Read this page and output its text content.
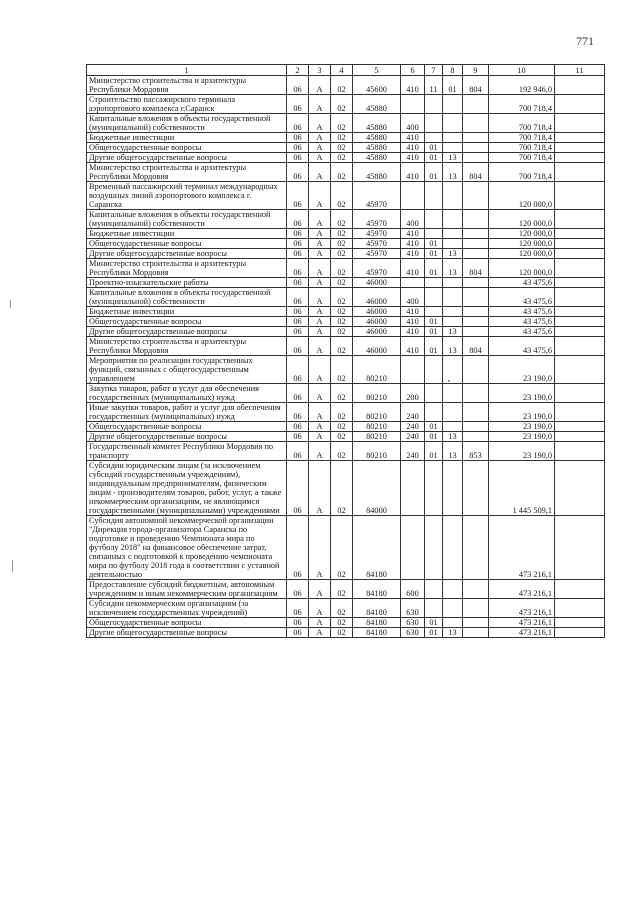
771
1	2	3	4	5	6	7	8	9	10	11
Министерство строительства и архитектуры Республики Мордовия	06	А	02	45600	410	11	01	804	192 946,0	
Строительство пассажирского терминала аэропортового комплекса г.Саранск	06	А	02	45880					700 718,4	
Капитальные вложения в объекты государственной (муниципальной) собственности	06	А	02	45880	400				700 718,4	
Бюджетные инвестиции	06	А	02	45880	410				700 718,4	
Общегосударственные вопросы	06	А	02	45880	410	01			700 718,4	
Другие общегосударственные вопросы	06	А	02	45880	410	01	13		700 718,4	
Министерство строительства и архитектуры Республики Мордовия	06	А	02	45880	410	01	13	804	700 718,4	
Временный пассажирский терминал международных воздушных линий аэропортового комплекса г. Саранска	06	А	02	45970					120 000,0	
Капитальные вложения в объекты государственной (муниципальной) собственности	06	А	02	45970	400				120 000,0	
Бюджетные инвестиции	06	А	02	45970	410				120 000,0	
Общегосударственные вопросы	06	А	02	45970	410	01			120 000,0	
Другие общегосударственные вопросы	06	А	02	45970	410	01	13		120 000,0	
Министерство строительства и архитектуры Республики Мордовия	06	А	02	45970	410	01	13	804	120 000,0	
Проектно-изыскательские работы	06	А	02	46000					43 475,6	
Капитальные вложения в объекты государственной (муниципальной) собственности	06	А	02	46000	400				43 475,6	
Бюджетные инвестиции	06	А	02	46000	410				43 475,6	
Общегосударственные вопросы	06	А	02	46000	410	01			43 475,6	
Другие общегосударственные вопросы	06	А	02	46000	410	01	13		43 475,6	
Министерство строительства и архитектуры Республики Мордовия	06	А	02	46000	410	01	13	804	43 475,6	
Мероприятия по реализации государственных функций, связанных с общегосударственным управлением	06	А	02	80210					23 190,0	
Закупка товаров, работ и услуг для обеспечения государственных (муниципальных) нужд	06	А	02	80210	200				23 190,0	
Иные закупки товаров, работ и услуг для обеспечения государственных (муниципальных) нужд	06	А	02	80210	240				23 190,0	
Общегосударственные вопросы	06	А	02	80210	240	01			23 190,0	
Другие общегосударственные вопросы	06	А	02	80210	240	01	13		23 190,0	
Государственный комитет Республики Мордовия по транспорту	06	А	02	80210	240	01	13	853	23 190,0	
Субсидии юридическим лицам (за исключением субсидий государственным учреждениям), индивидуальным предпринимателям, физическим лицам - производителям товаров, работ, услуг, а также некоммерческим организациям, не являющимся государственными (муниципальными) учреждениями	06	А	02	84000					1 445 509,1	
Субсидия автономной некоммерческой организации "Дирекция города-организатора Саранска по подготовке и проведению Чемпионата мира по футболу 2018" на финансовое обеспечение затрат, связанных с подготовкой к проведению чемпионата мира по футболу 2018 года в соответствии с уставной деятельностью	06	А	02	84180					473 216,1	
Предоставление субсидий бюджетным, автономным учреждениям и иным некоммерческим организациям	06	А	02	84180	600				473 216,1	
Субсидии некоммерческим организациям (за исключением государственных учреждений)	06	А	02	84180	630				473 216,1	
Общегосударственные вопросы	06	А	02	84180	630	01			473 216,1	
Другие общегосударственные вопросы	06	А	02	84180	630	01	13		473 216,1	
